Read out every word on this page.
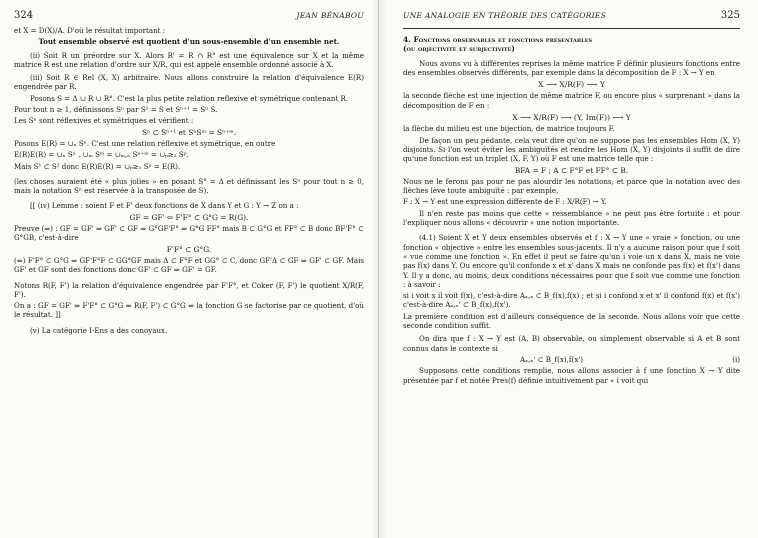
324	JEAN BÉNABOU

et X = D(X)/A. D'où le résultat important :

Tout ensemble observé est quotient d'un sous-ensemble d'un ensemble net.

(ii) Soit R un préordre sur X. Alors R' = R ∩ R° est une équivalence sur X et la même matrice R est une relation d'ordre sur X/R, qui est appelé ensemble ordonné associé à X.

(iii) Soit R ∈ Rel (X, X) arbitraire. Nous allons construire la relation d'équivalence E(R) engendrée par R.

Posons S = Δ ∪ R ∪ R°. C'est la plus petite relation reflexive et symétrique contenant R.

Pour tout n ≥ 1, définissons Sⁿ par S¹ = S et Sⁿ⁺¹ = Sⁿ S.

Les Sⁿ sont réflexives et symétriques et vérifient :

Sⁿ ⊂ Sⁿ⁺¹ et SⁿSᵐ = Sⁿ⁺ᵐ.

Posons E(R) = ∪ₙ Sⁿ. C'est une relation réflexive et symétrique, en outre

E(R)E(R) = ∪ₙ Sⁿ . ∪ₘ Sᵐ = ∪ₘ,ₙ Sⁿ⁺ᵐ = ∪ₚ≥₂ Sᵖ.

Mais S¹ ⊂ S² donc E(R)E(R) = ∪ₚ≥₁ Sᵖ = E(R).

(les choses auraient été « plus jolies » en posant S° = Δ et définissant les Sⁿ pour tout n ≥ 0, mais la notation Sⁿ est réservée à la transposée de S).

[[ (iv) Lemme : soient F et F' deux fonctions de X dans Y et G : Y → Z on a :

GF = GF' ⇔ F'F° ⊂ G°G = R(G).

Preuve (⇒) : GF = GF' ⇒ GF' ⊂ GF ⇒ G°GF'F° ⇒ G°G FF° mais B ⊂ G°G et FF° ⊂ B donc BF'F° ⊂ G°GB, c'est-à-dire

F'F° ⊂ G°G.

(⇐) F'F° ⊂ G°G ⇒ GF'F°F ⊂ GG°GF mais Δ ⊂ F°F et GG° ⊂ C, donc GF'Δ ⊂ GF ⇒ GF' ⊂ GF. Mais GF' et GF sont des fonctions donc GF' ⊂ GF ⇒ GF' = GF.

Notons R(F, F') la relation d'équivalence engendrée par F'F°, et Coker (F, F') le quotient X/R(F, F').

On a : GF = GF' ⇔ F'F° ⊂ G°G ⇔ R(F, F') ⊂ G°G ⇔ la fonction G se factorise par ce quotient, d'où le résultat. ]]

(v) La catégorie I-Ens a des conoyaux.

UNE ANALOGIE EN THÉORIE DES CATÉGORIES	325
4. Fonctions observables et fonctions présentables
(ou objectivité et subjectivité)

Nous avons vu à différentes reprises la même matrice F définir plusieurs fonctions entre des ensembles observés différents, par exemple dans la décomposition de F : X → Y en

X ⟶ X/R(F) ⟶ Y

la seconde flèche est une injection de même matrice F, ou encore plus « surprenant » dans la décomposition de F en :

X ⟶ X/R(F) ⟶ (Y, Im(F)) ⟶ Y

la flèche du milieu est une bijection, de matrice toujours F.

De façon un peu pédante, cela veut dire qu'on ne suppose pas les ensembles Hom (X, Y) disjoints. Si l'on veut éviter les ambiguïtés et rendre les Hom (X, Y) disjoints il suffit de dire qu'une fonction est un triplet (X, F, Y) où F est une matrice telle que :

BFA = F ; A ⊂ F°F et FF° ⊂ B.

Nous ne le ferons pas pour ne pas alourdir les notations, et parce que la notation avec des flèches lève toute ambiguïté : par exemple,

F : X → Y est une expression différente de F : X/R(F) → Y.

Il n'en reste pas moins que cette « ressemblance » ne peut pas être fortuite : et pour l'expliquer nous allons « découvrir » une notion importante.

(4.1) Soient X et Y deux ensembles observés et f : X → Y une « vraie » fonction, ou une fonction « objective » entre les ensembles sous-jacents. Il n'y a aucune raison pour que f soit « vue comme une fonction ». En effet il peut se faire qu'un i voie un x dans X, mais ne voie pas f(x) dans Y. Ou encore qu'il confonde x et x' dans X mais ne confonde pas f(x) et f(x') dans Y. Il y a donc, au moins, deux conditions nécessaires pour que f soit vue comme une fonction : à savoir :

si i voit x il voit f(x), c'est-à-dire Aₓ,ₓ ⊂ B_f(x),f(x) ; et si i confond x et x' il confond f(x) et f(x') c'est-à-dire Aₓ,ₓ' ⊂ B_f(x),f(x').

La première condition est d'ailleurs conséquence de la seconde. Nous allons voir que cette seconde condition suffit.

On dira que f : X → Y est (A, B) observable, ou simplement observable si A et B sont connus dans le contexte si

Aₓ,ₓ' ⊂ B_f(x),f(x')	(i)

Supposons cette conditions remplie, nous allons associer à f une fonction X → Y dite présentée par f et notée Pres(f) définie intuitivement par « i voit qui
